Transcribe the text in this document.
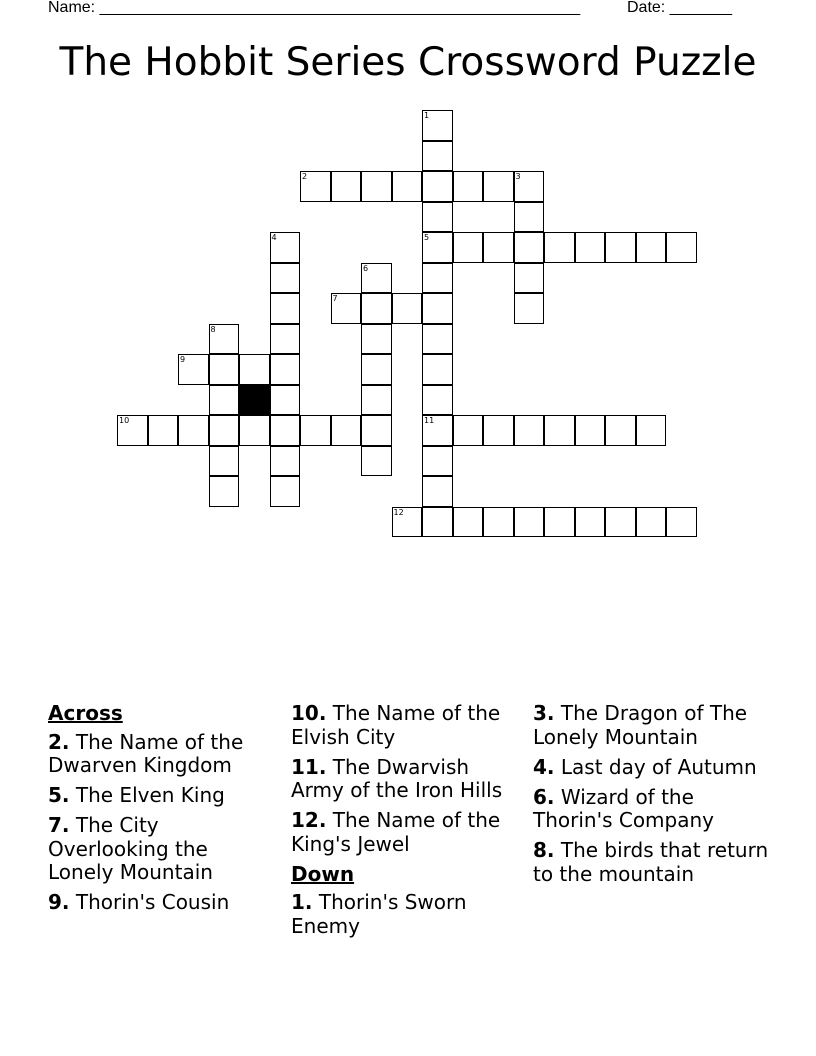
Name: ______________________________________________________	Date: _______
The Hobbit Series Crossword Puzzle
1
5
11
2	3
4
6
7
8
9
10
12
Across
2. The Name of the Dwarven Kingdom
5. The Elven King
7. The City Overlooking the Lonely Mountain
9. Thorin's Cousin
10. The Name of the Elvish City
11. The Dwarvish Army of the Iron Hills
12. The Name of the King's Jewel
Down
1. Thorin's Sworn Enemy
3. The Dragon of The Lonely Mountain
4. Last day of Autumn
6. Wizard of the Thorin's Company
8. The birds that return to the mountain
